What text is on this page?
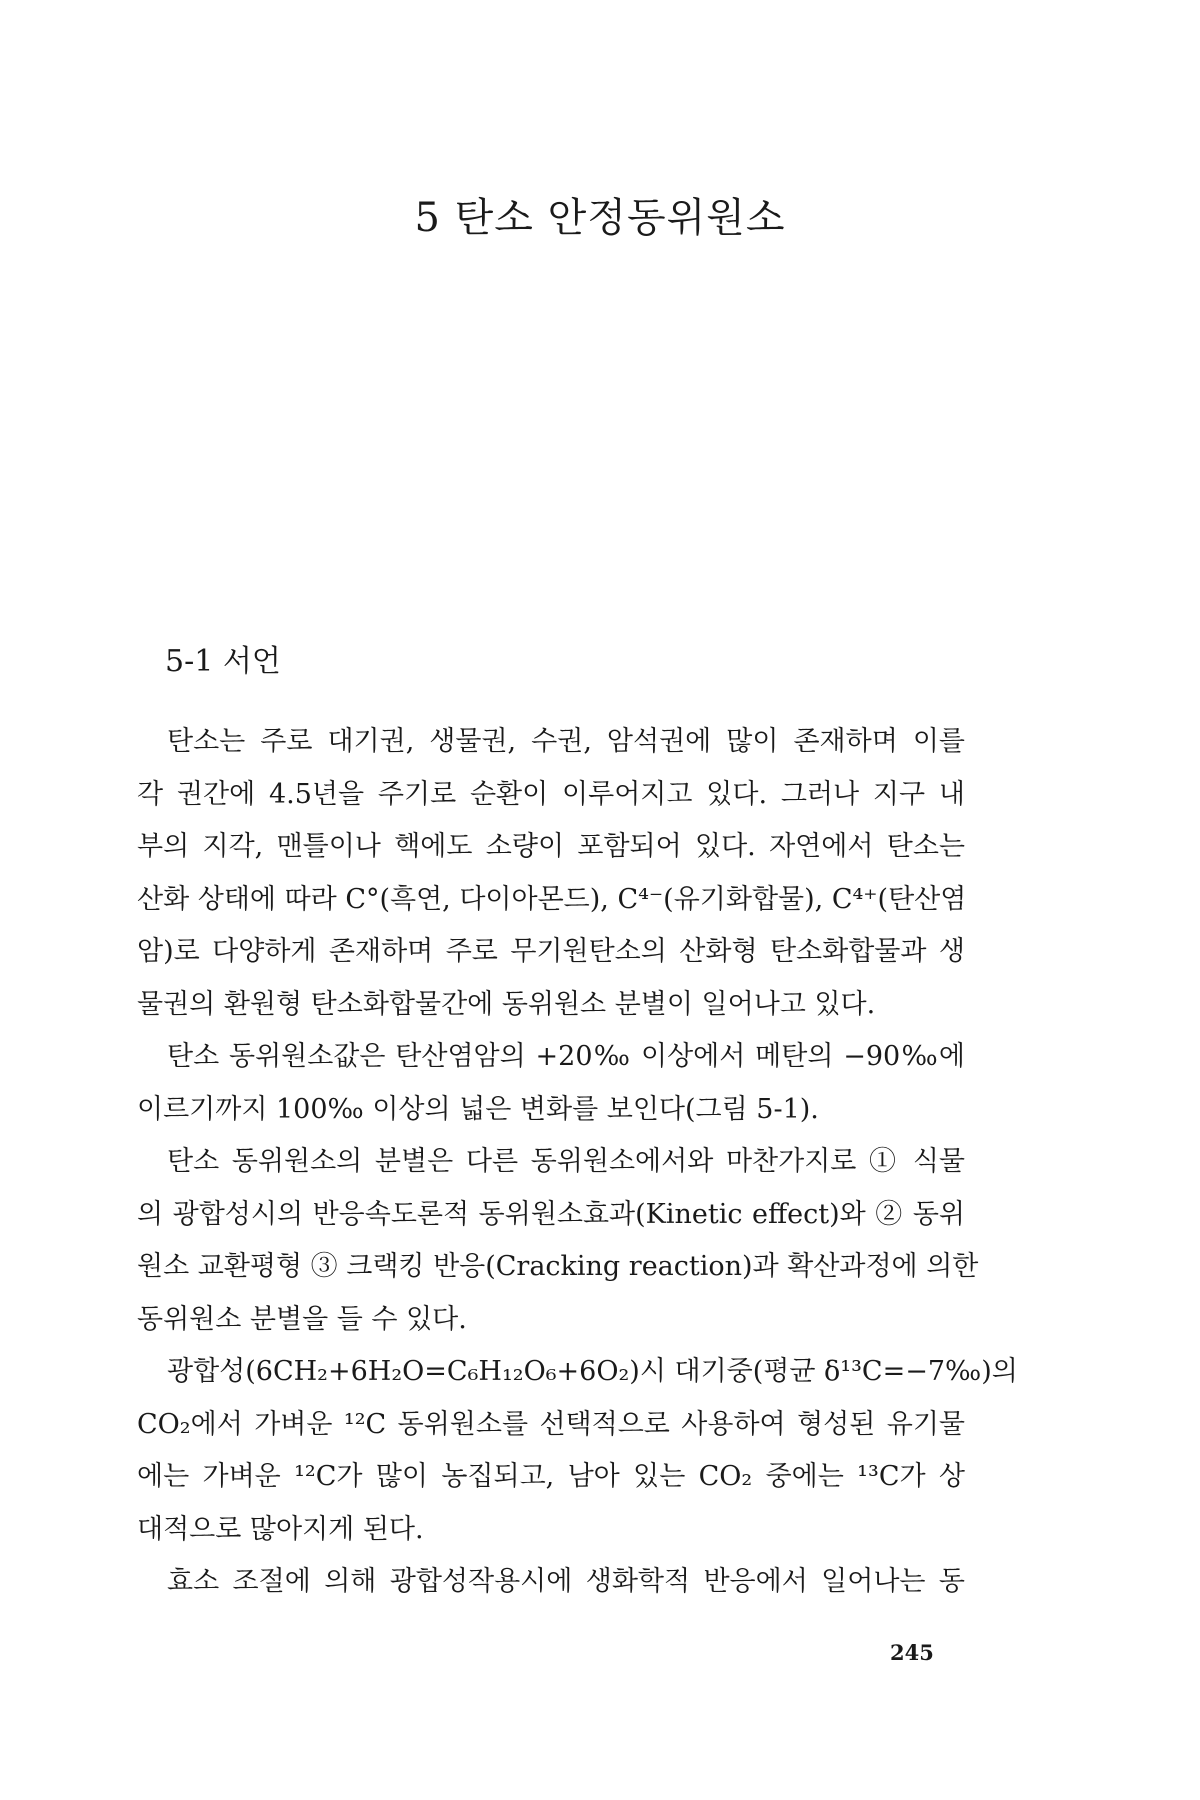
5 탄소 안정동위원소
5-1 서언
탄소는 주로 대기권, 생물권, 수권, 암석권에 많이 존재하며 이를
각 권간에 4.5년을 주기로 순환이 이루어지고 있다. 그러나 지구 내
부의 지각, 맨틀이나 핵에도 소량이 포함되어 있다. 자연에서 탄소는
산화 상태에 따라 C°(흑연, 다이아몬드), C⁴⁻(유기화합물), C⁴⁺(탄산염
암)로 다양하게 존재하며 주로 무기원탄소의 산화형 탄소화합물과 생
물권의 환원형 탄소화합물간에 동위원소 분별이 일어나고 있다.
탄소 동위원소값은 탄산염암의 +20‰ 이상에서 메탄의 −90‰에
이르기까지 100‰ 이상의 넓은 변화를 보인다(그림 5-1).
탄소 동위원소의 분별은 다른 동위원소에서와 마찬가지로 ① 식물
의 광합성시의 반응속도론적 동위원소효과(Kinetic effect)와 ② 동위
원소 교환평형 ③ 크랙킹 반응(Cracking reaction)과 확산과정에 의한
동위원소 분별을 들 수 있다.
광합성(6CH₂+6H₂O=C₆H₁₂O₆+6O₂)시 대기중(평균 δ¹³C=−7‰)의
CO₂에서 가벼운 ¹²C 동위원소를 선택적으로 사용하여 형성된 유기물
에는 가벼운 ¹²C가 많이 농집되고, 남아 있는 CO₂ 중에는 ¹³C가 상
대적으로 많아지게 된다.
효소 조절에 의해 광합성작용시에 생화학적 반응에서 일어나는 동

245
